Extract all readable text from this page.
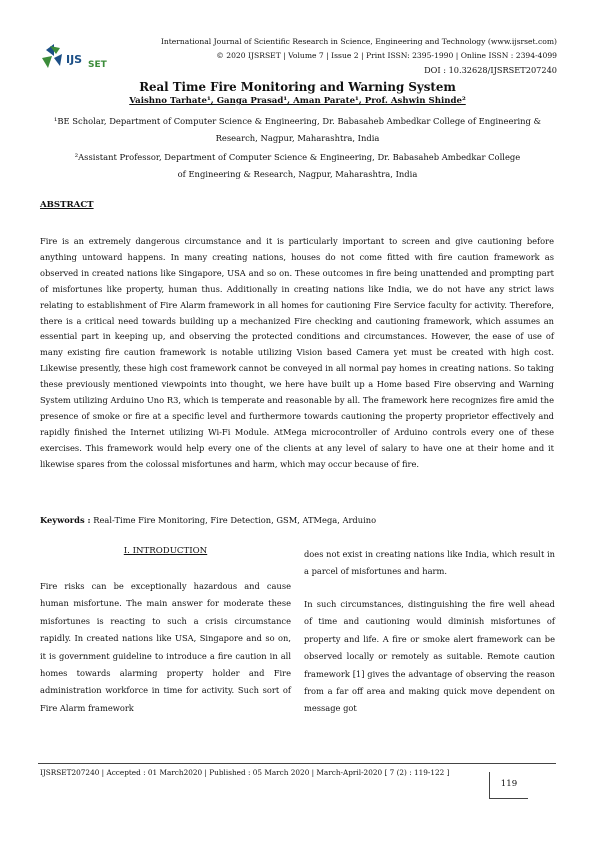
International Journal of Scientific Research in Science, Engineering and Technology (www.ijsrset.com)
© 2020 IJSRSET | Volume 7 | Issue 2 | Print ISSN: 2395-1990 | Online ISSN : 2394-4099
DOI : 10.32628/IJSRSET207240
IJS SET
Real Time Fire Monitoring and Warning System
Vaishno Tarhate¹, Ganga Prasad¹, Aman Parate¹, Prof. Ashwin Shinde²
¹BE Scholar, Department of Computer Science & Engineering, Dr. Babasaheb Ambedkar College of Engineering & Research, Nagpur, Maharashtra, India
²Assistant Professor, Department of Computer Science & Engineering, Dr. Babasaheb Ambedkar College of Engineering & Research, Nagpur, Maharashtra, India
ABSTRACT
Fire is an extremely dangerous circumstance and it is particularly important to screen and give cautioning before anything untoward happens. In many creating nations, houses do not come fitted with fire caution framework as observed in created nations like Singapore, USA and so on. These outcomes in fire being unattended and prompting part of misfortunes like property, human thus. Additionally in creating nations like India, we do not have any strict laws relating to establishment of Fire Alarm framework in all homes for cautioning Fire Service faculty for activity. Therefore, there is a critical need towards building up a mechanized Fire checking and cautioning framework, which assumes an essential part in keeping up, and observing the protected conditions and circumstances. However, the ease of use of many existing fire caution framework is notable utilizing Vision based Camera yet must be created with high cost. Likewise presently, these high cost framework cannot be conveyed in all normal pay homes in creating nations. So taking these previously mentioned viewpoints into thought, we here have built up a Home based Fire observing and Warning System utilizing Arduino Uno R3, which is temperate and reasonable by all. The framework here recognizes fire amid the presence of smoke or fire at a specific level and furthermore towards cautioning the property proprietor effectively and rapidly finished the Internet utilizing Wi-Fi Module. AtMega microcontroller of Arduino controls every one of these exercises. This framework would help every one of the clients at any level of salary to have one at their home and it likewise spares from the colossal misfortunes and harm, which may occur because of fire.
Keywords : Real-Time Fire Monitoring, Fire Detection, GSM, ATMega, Arduino
I. INTRODUCTION
Fire risks can be exceptionally hazardous and cause human misfortune. The main answer for moderate these misfortunes is reacting to such a crisis circumstance rapidly. In created nations like USA, Singapore and so on, it is government guideline to introduce a fire caution in all homes towards alarming property holder and Fire administration workforce in time for activity. Such sort of Fire Alarm framework
does not exist in creating nations like India, which result in a parcel of misfortunes and harm.
In such circumstances, distinguishing the fire well ahead of time and cautioning would diminish misfortunes of property and life. A fire or smoke alert framework can be observed locally or remotely as suitable. Remote caution framework [1] gives the advantage of observing the reason from a far off area and making quick move dependent on message got
IJSRSET207240 | Accepted : 01 March2020 | Published : 05 March 2020 | March-April-2020 [ 7 (2) : 119-122 ]
119
